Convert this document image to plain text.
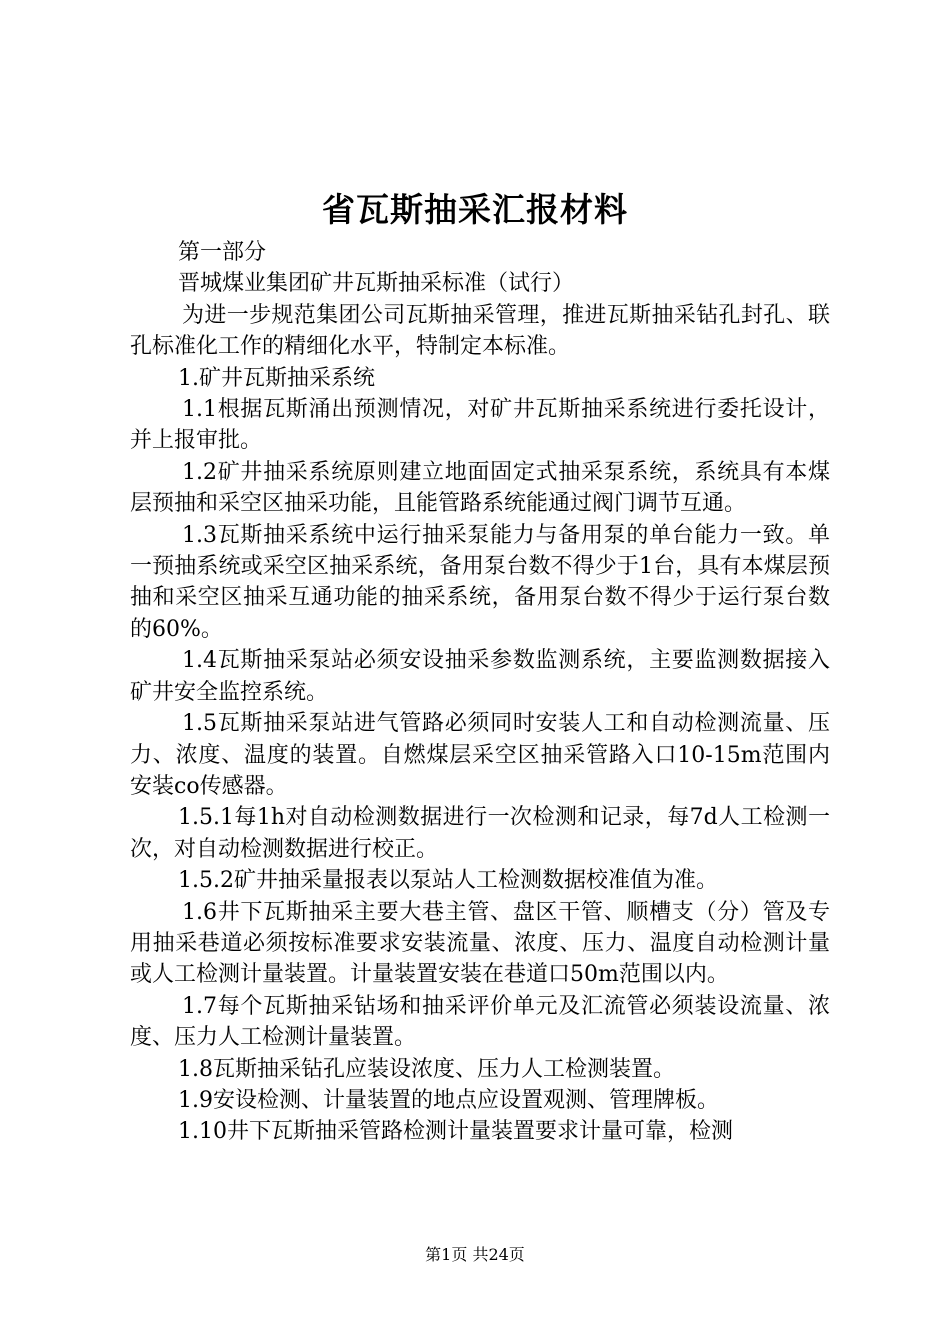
省瓦斯抽采汇报材料

第一部分

晋城煤业集团矿井瓦斯抽采标准（试行）

为进一步规范集团公司瓦斯抽采管理，推进瓦斯抽采钻孔封孔、联孔标准化工作的精细化水平，特制定本标准。

1.矿井瓦斯抽采系统

1.1根据瓦斯涌出预测情况，对矿井瓦斯抽采系统进行委托设计，并上报审批。

1.2矿井抽采系统原则建立地面固定式抽采泵系统，系统具有本煤层预抽和采空区抽采功能，且能管路系统能通过阀门调节互通。

1.3瓦斯抽采系统中运行抽采泵能力与备用泵的单台能力一致。单一预抽系统或采空区抽采系统，备用泵台数不得少于1台，具有本煤层预抽和采空区抽采互通功能的抽采系统，备用泵台数不得少于运行泵台数的60%。

1.4瓦斯抽采泵站必须安设抽采参数监测系统，主要监测数据接入矿井安全监控系统。

1.5瓦斯抽采泵站进气管路必须同时安装人工和自动检测流量、压力、浓度、温度的装置。自燃煤层采空区抽采管路入口10-15m范围内安装co传感器。

1.5.1每1h对自动检测数据进行一次检测和记录，每7d人工检测一次，对自动检测数据进行校正。

1.5.2矿井抽采量报表以泵站人工检测数据校准值为准。

1.6井下瓦斯抽采主要大巷主管、盘区干管、顺槽支（分）管及专用抽采巷道必须按标准要求安装流量、浓度、压力、温度自动检测计量或人工检测计量装置。计量装置安装在巷道口50m范围以内。

1.7每个瓦斯抽采钻场和抽采评价单元及汇流管必须装设流量、浓度、压力人工检测计量装置。

1.8瓦斯抽采钻孔应装设浓度、压力人工检测装置。

1.9安设检测、计量装置的地点应设置观测、管理牌板。

1.10井下瓦斯抽采管路检测计量装置要求计量可靠，检测

第1页 共24页
